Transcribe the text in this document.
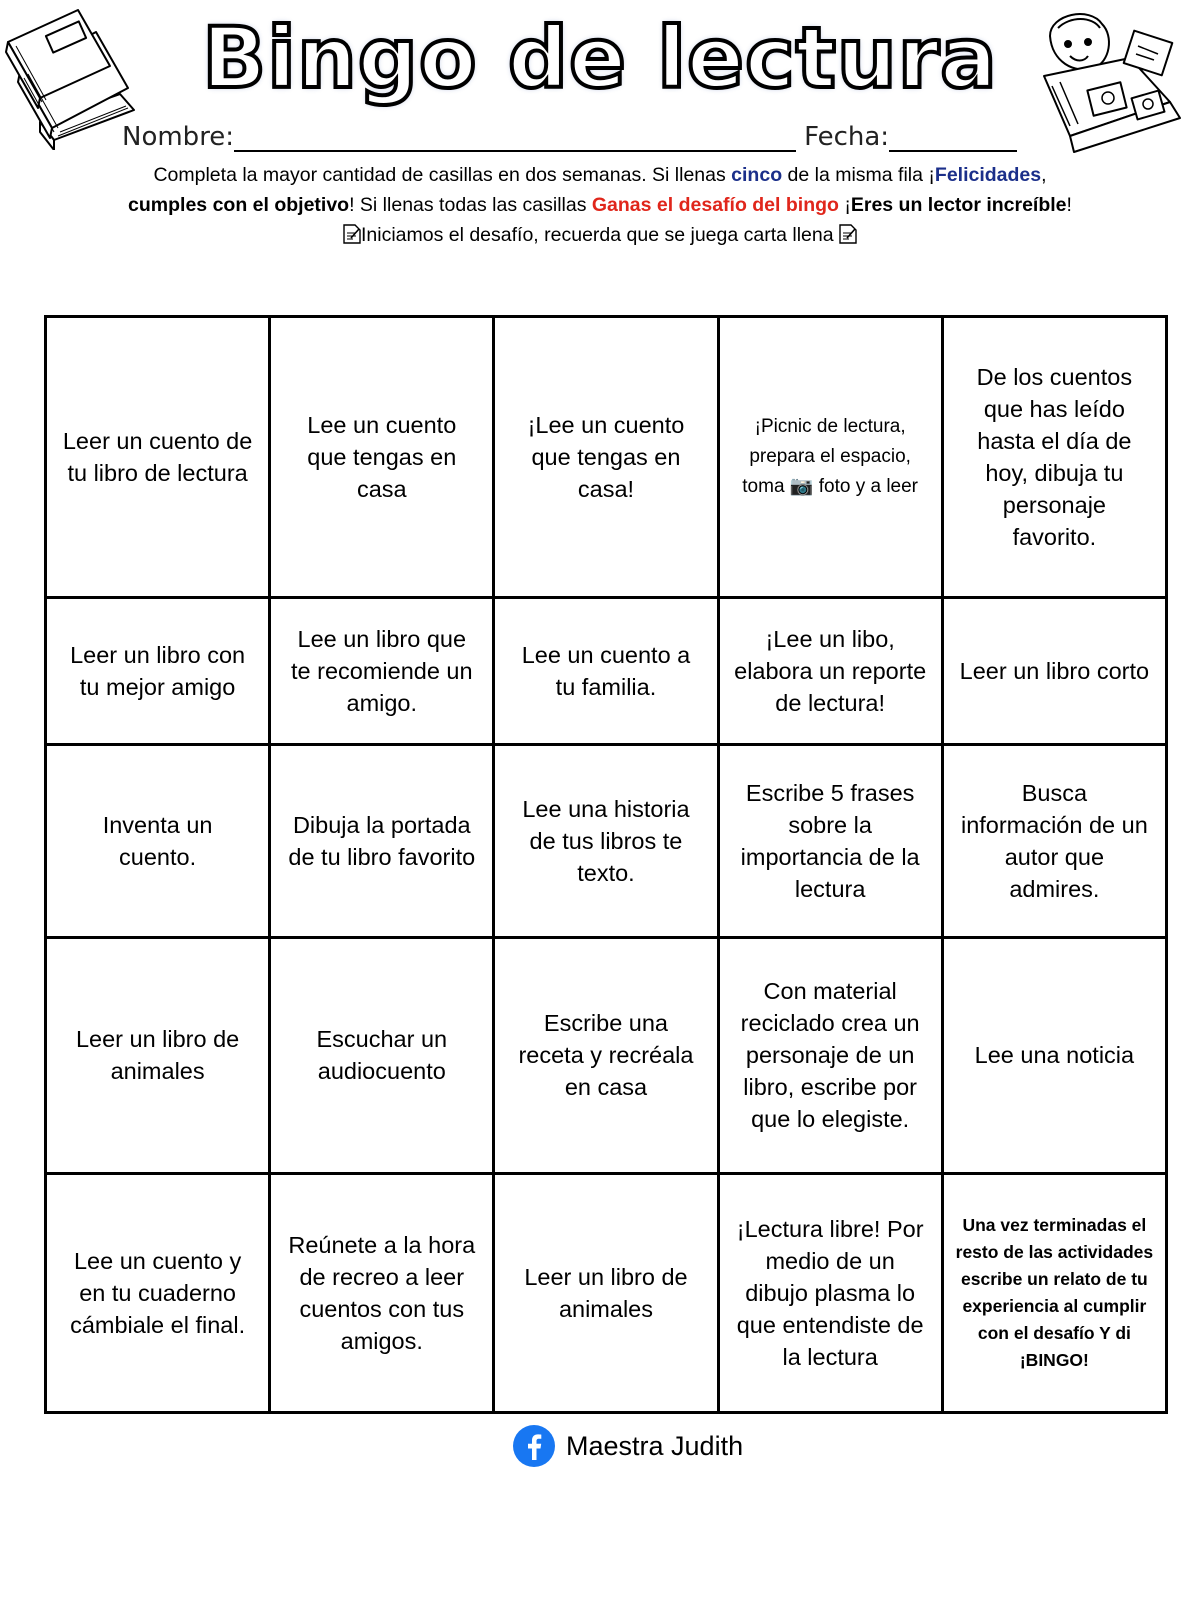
Bingo de lectura
Nombre:	Fecha:
Completa la mayor cantidad de casillas en dos semanas. Si llenas cinco de la misma fila ¡Felicidades,
cumples con el objetivo! Si llenas todas las casillas Ganas el desafío del bingo ¡Eres un lector increíble!
Iniciamos el desafío, recuerda que se juega carta llena
Leer un cuento de tu libro de lectura	Lee un cuento que tengas en casa	¡Lee un cuento que tengas en casa!	¡Picnic de lectura, prepara el espacio, toma 📷 foto y a leer	De los cuentos que has leído hasta el día de hoy, dibuja tu personaje favorito.
Leer un libro con tu mejor amigo	Lee un libro que te recomiende un amigo.	Lee un cuento a tu familia.	¡Lee un libo, elabora un reporte de lectura!	Leer un libro corto
Inventa un cuento.	Dibuja la portada de tu libro favorito	Lee una historia de tus libros te texto.	Escribe 5 frases sobre la importancia de la lectura	Busca información de un autor que admires.
Leer un libro de animales	Escuchar un audiocuento	Escribe una receta y recréala en casa	Con material reciclado crea un personaje de un libro, escribe por que lo elegiste.	Lee una noticia
Lee un cuento y en tu cuaderno cámbiale el final.	Reúnete a la hora de recreo a leer cuentos con tus amigos.	Leer un libro de animales	¡Lectura libre! Por medio de un dibujo plasma lo que entendiste de la lectura	Una vez terminadas el resto de las actividades escribe un relato de tu experiencia al cumplir con el desafío Y di ¡BINGO!
Maestra Judith
